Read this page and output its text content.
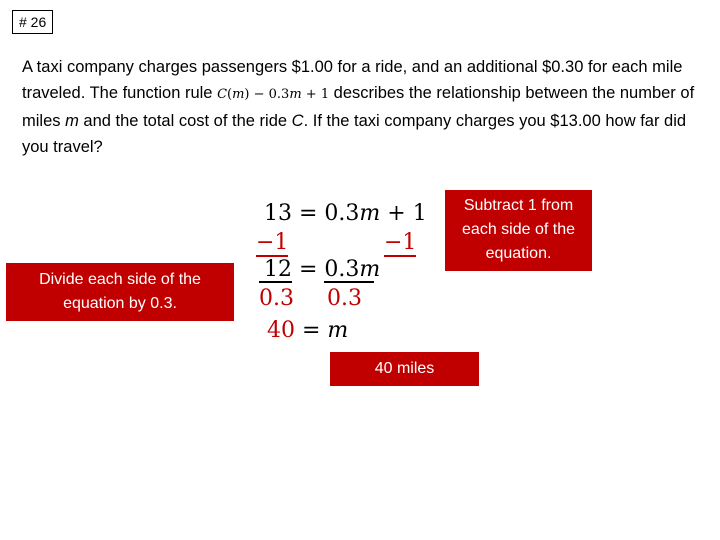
# 26
A taxi company charges passengers $1.00 for a ride, and an additional $0.30 for each mile traveled. The function rule C(m) − 0.3m + 1 describes the relationship between the number of miles m and the total cost of the ride C. If the taxi company charges you $13.00 how far did you travel?
13 = 0.3m + 1
−1	−1
12 = 0.3m
0.3 0.3
40 = m
Subtract 1 from each side of the equation.
Divide each side of the equation by 0.3.
40 miles
